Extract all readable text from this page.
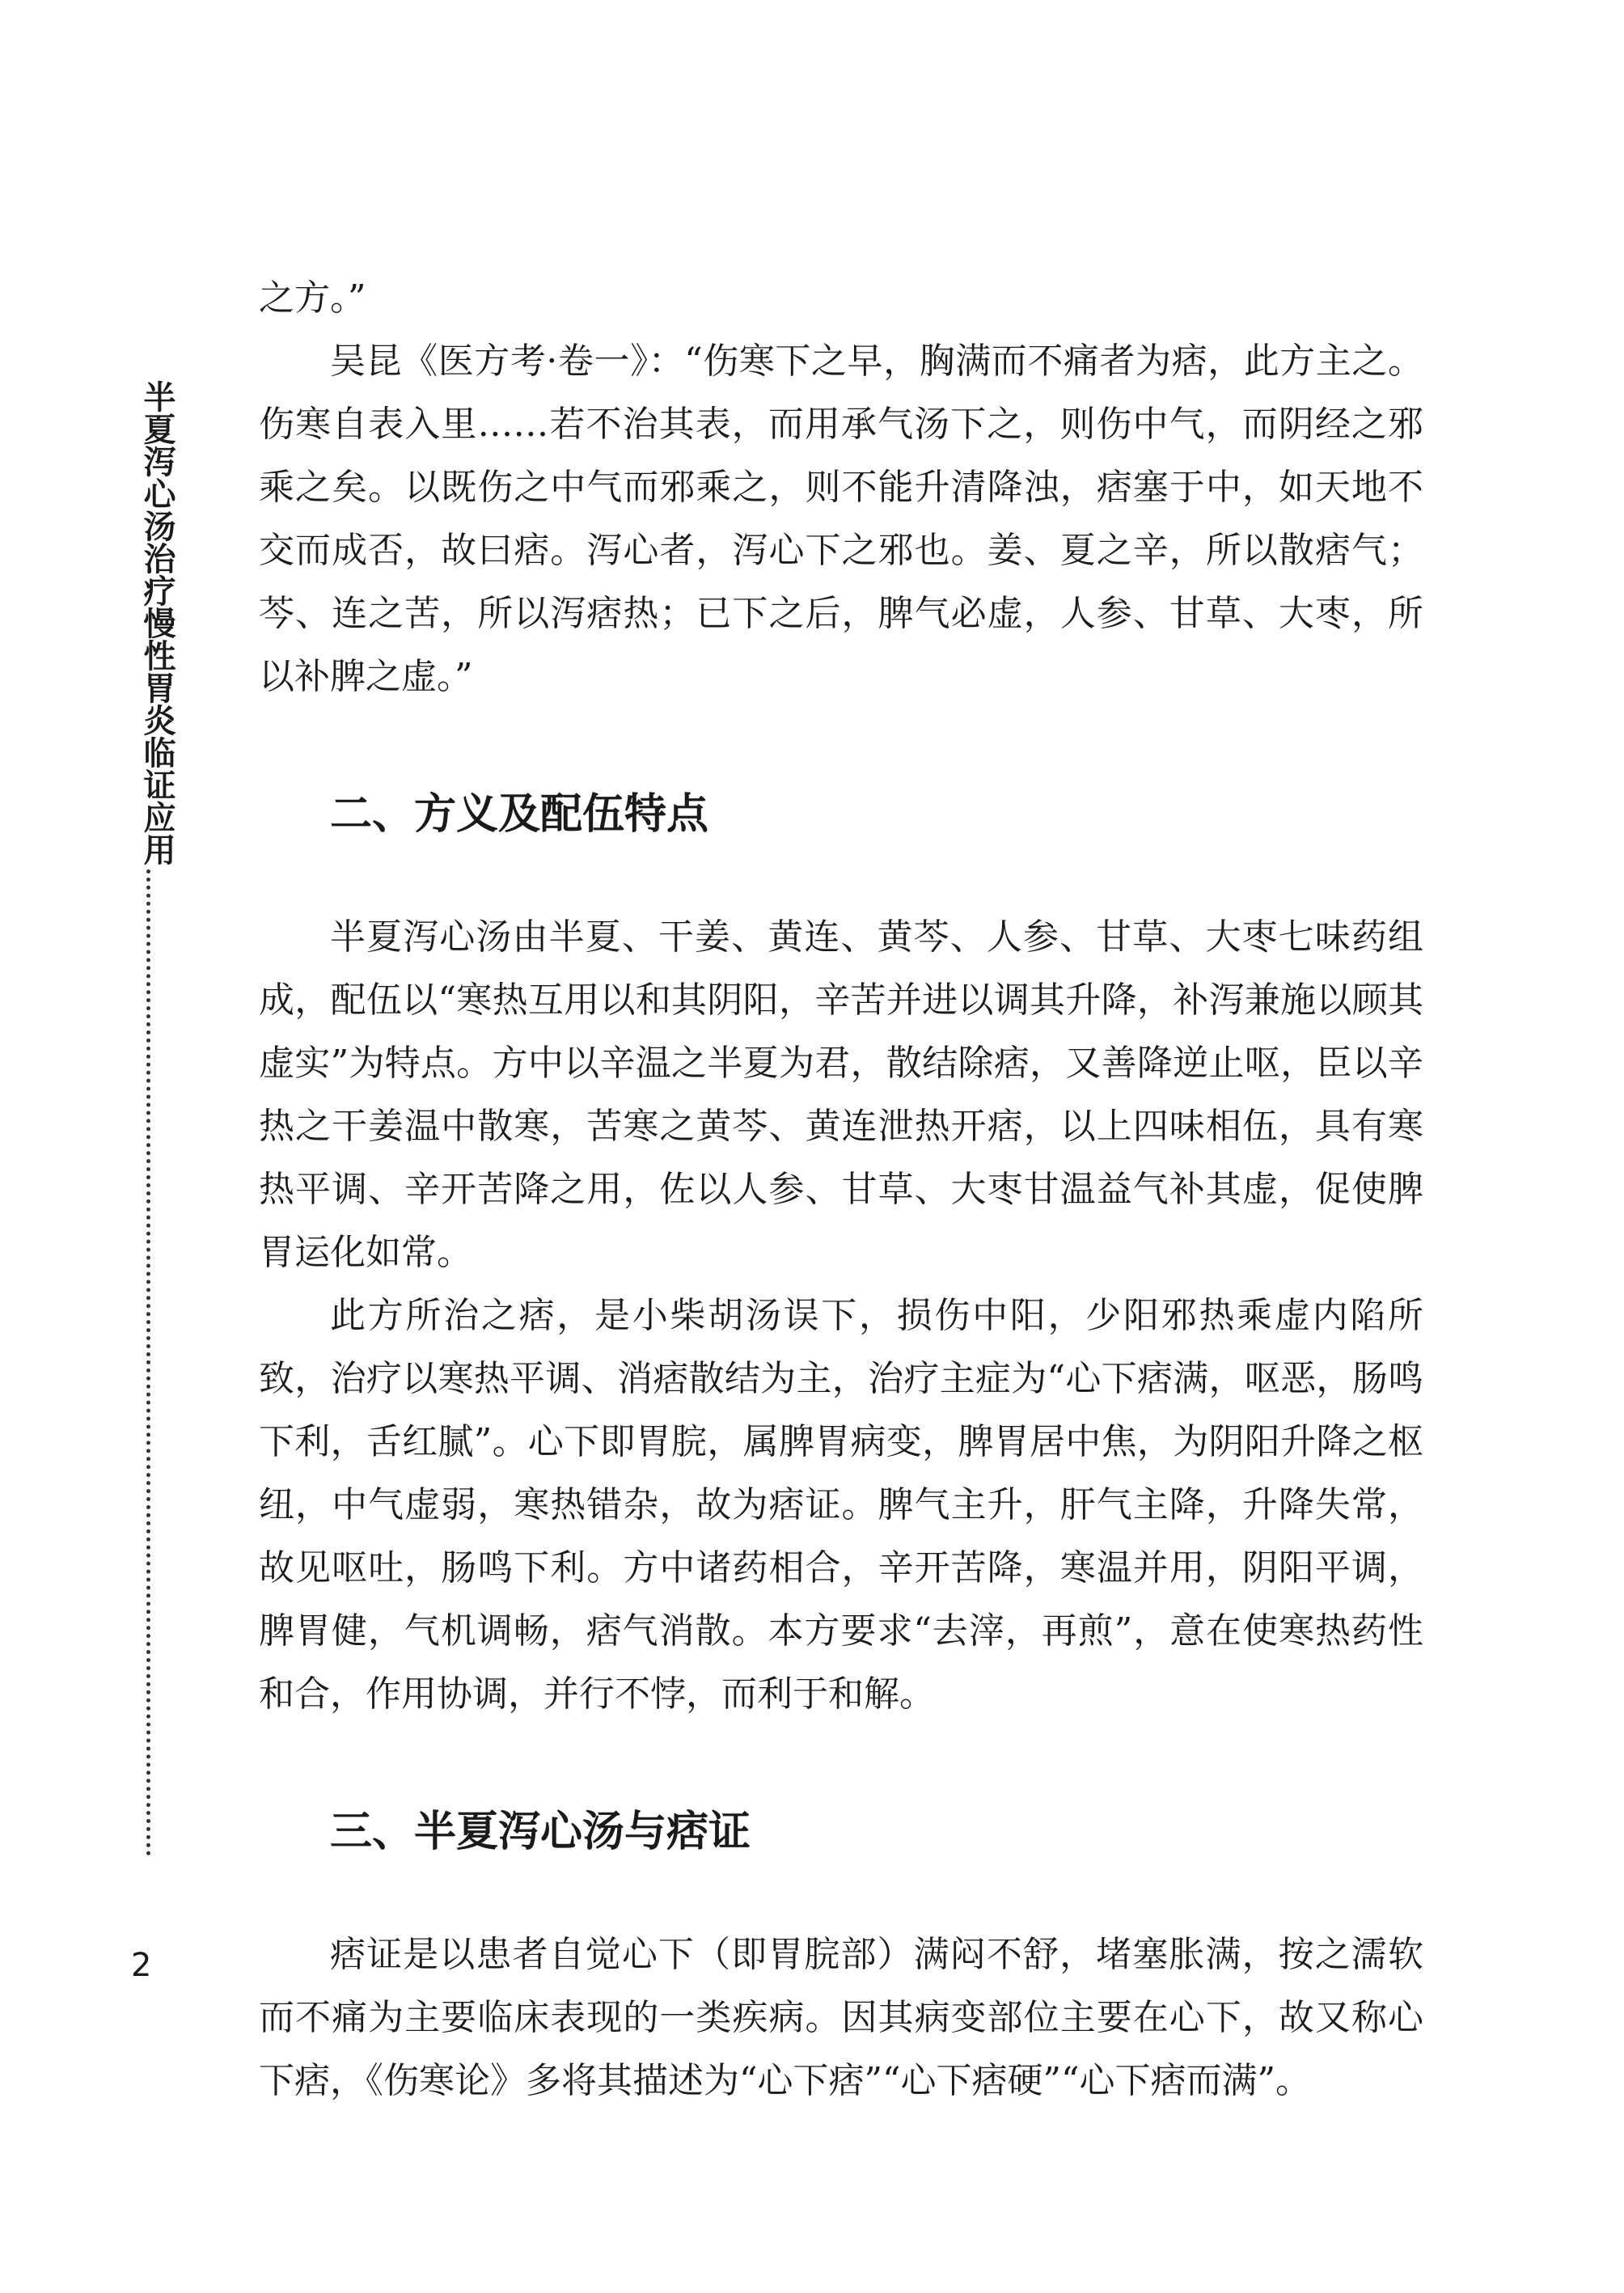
半夏泻心汤治疗慢性胃炎临证应用
2

之方。”

吴昆《医方考·卷一》：“伤寒下之早，胸满而不痛者为痞，此方主之。伤寒自表入里……若不治其表，而用承气汤下之，则伤中气，而阴经之邪乘之矣。以既伤之中气而邪乘之，则不能升清降浊，痞塞于中，如天地不交而成否，故曰痞。泻心者，泻心下之邪也。姜、夏之辛，所以散痞气；芩、连之苦，所以泻痞热；已下之后，脾气必虚，人参、甘草、大枣，所以补脾之虚。”

二、方义及配伍特点

半夏泻心汤由半夏、干姜、黄连、黄芩、人参、甘草、大枣七味药组成，配伍以“寒热互用以和其阴阳，辛苦并进以调其升降，补泻兼施以顾其虚实”为特点。方中以辛温之半夏为君，散结除痞，又善降逆止呕，臣以辛热之干姜温中散寒，苦寒之黄芩、黄连泄热开痞，以上四味相伍，具有寒热平调、辛开苦降之用，佐以人参、甘草、大枣甘温益气补其虚，促使脾胃运化如常。

此方所治之痞，是小柴胡汤误下，损伤中阳，少阳邪热乘虚内陷所致，治疗以寒热平调、消痞散结为主，治疗主症为“心下痞满，呕恶，肠鸣下利，舌红腻”。心下即胃脘，属脾胃病变，脾胃居中焦，为阴阳升降之枢纽，中气虚弱，寒热错杂，故为痞证。脾气主升，肝气主降，升降失常，故见呕吐，肠鸣下利。方中诸药相合，辛开苦降，寒温并用，阴阳平调，脾胃健，气机调畅，痞气消散。本方要求“去滓，再煎”，意在使寒热药性和合，作用协调，并行不悖，而利于和解。

三、半夏泻心汤与痞证

痞证是以患者自觉心下（即胃脘部）满闷不舒，堵塞胀满，按之濡软而不痛为主要临床表现的一类疾病。因其病变部位主要在心下，故又称心下痞，《伤寒论》多将其描述为“心下痞”“心下痞硬”“心下痞而满”。
